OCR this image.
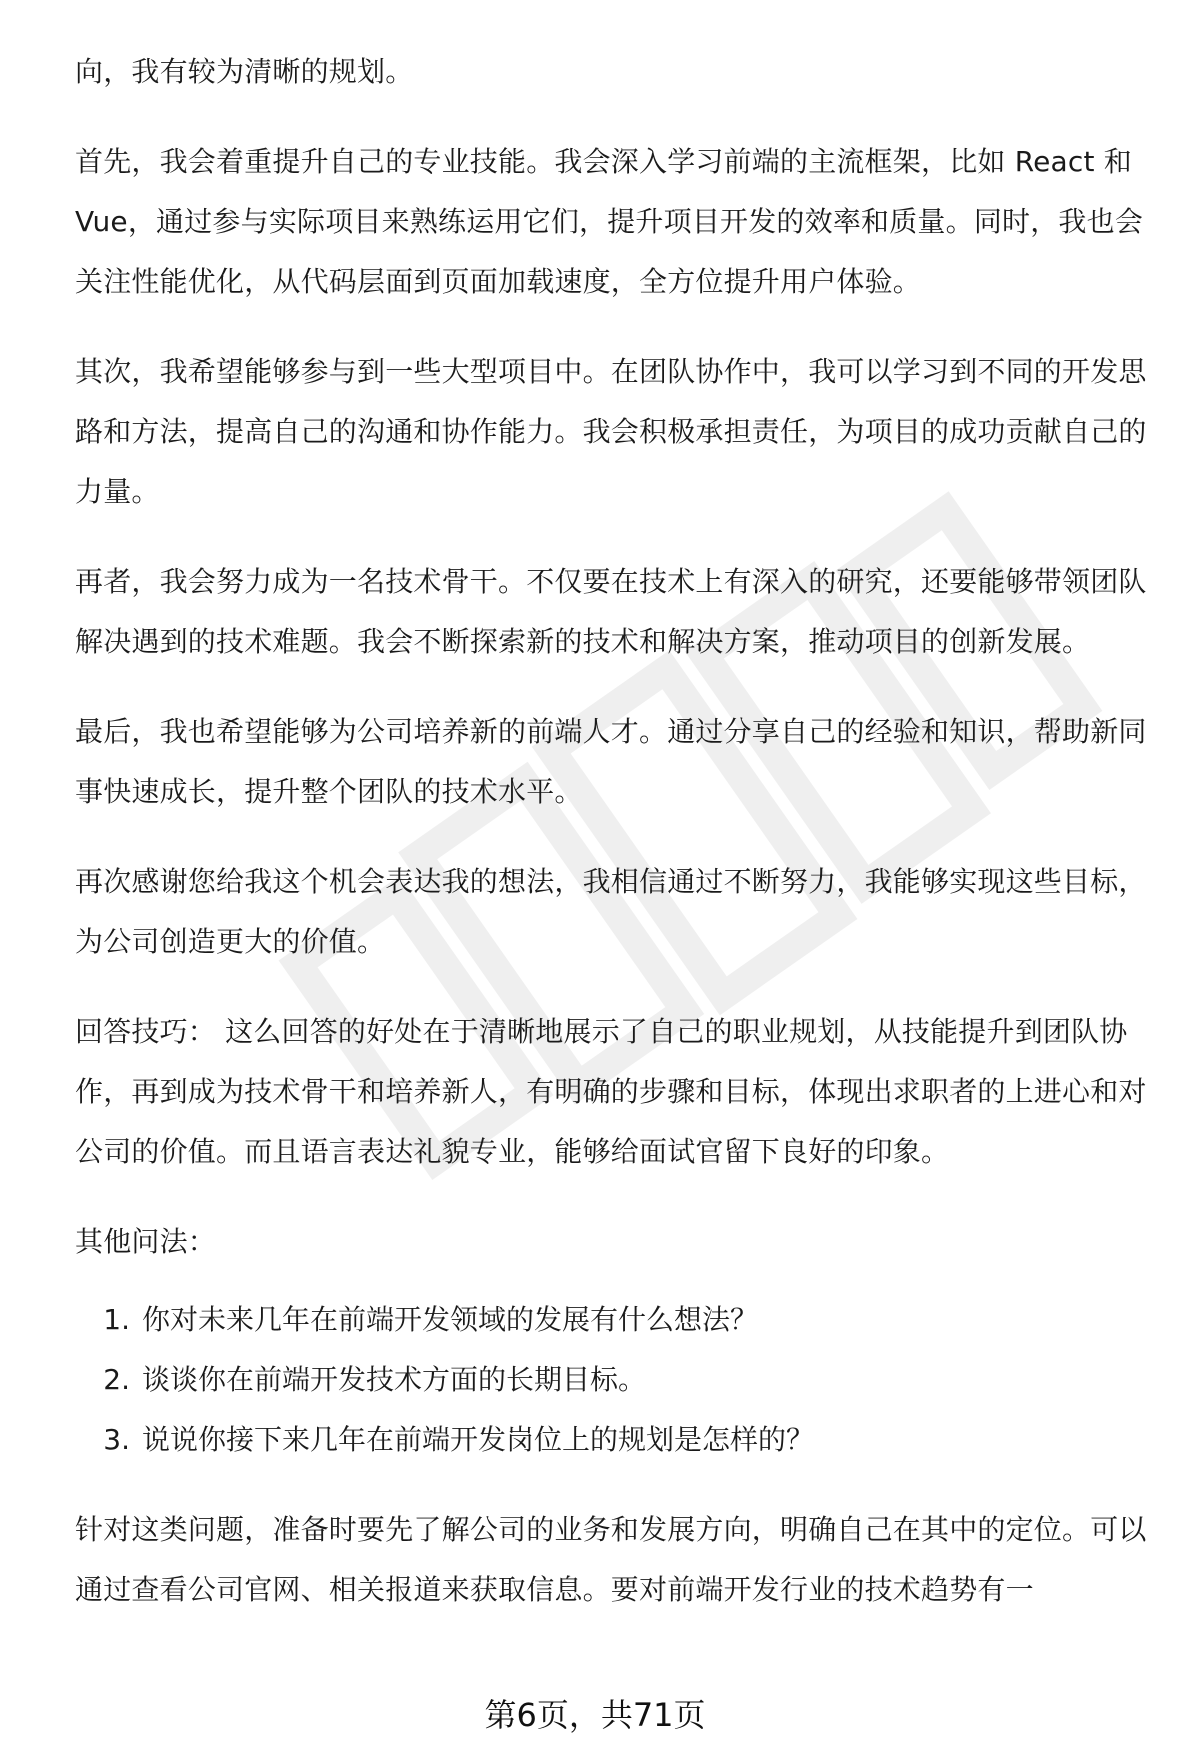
向，我有较为清晰的规划。

首先，我会着重提升自己的专业技能。我会深入学习前端的主流框架，比如 React 和 Vue，通过参与实际项目来熟练运用它们，提升项目开发的效率和质量。同时，我也会关注性能优化，从代码层面到页面加载速度，全方位提升用户体验。

其次，我希望能够参与到一些大型项目中。在团队协作中，我可以学习到不同的开发思路和方法，提高自己的沟通和协作能力。我会积极承担责任，为项目的成功贡献自己的力量。

再者，我会努力成为一名技术骨干。不仅要在技术上有深入的研究，还要能够带领团队解决遇到的技术难题。我会不断探索新的技术和解决方案，推动项目的创新发展。

最后，我也希望能够为公司培养新的前端人才。通过分享自己的经验和知识，帮助新同事快速成长，提升整个团队的技术水平。

再次感谢您给我这个机会表达我的想法，我相信通过不断努力，我能够实现这些目标，为公司创造更大的价值。

回答技巧： 这么回答的好处在于清晰地展示了自己的职业规划，从技能提升到团队协作，再到成为技术骨干和培养新人，有明确的步骤和目标，体现出求职者的上进心和对公司的价值。而且语言表达礼貌专业，能够给面试官留下良好的印象。

其他问法：

1. 你对未来几年在前端开发领域的发展有什么想法？
2. 谈谈你在前端开发技术方面的长期目标。
3. 说说你接下来几年在前端开发岗位上的规划是怎样的？

针对这类问题，准备时要先了解公司的业务和发展方向，明确自己在其中的定位。可以通过查看公司官网、相关报道来获取信息。要对前端开发行业的技术趋势有一

第6页，共71页
